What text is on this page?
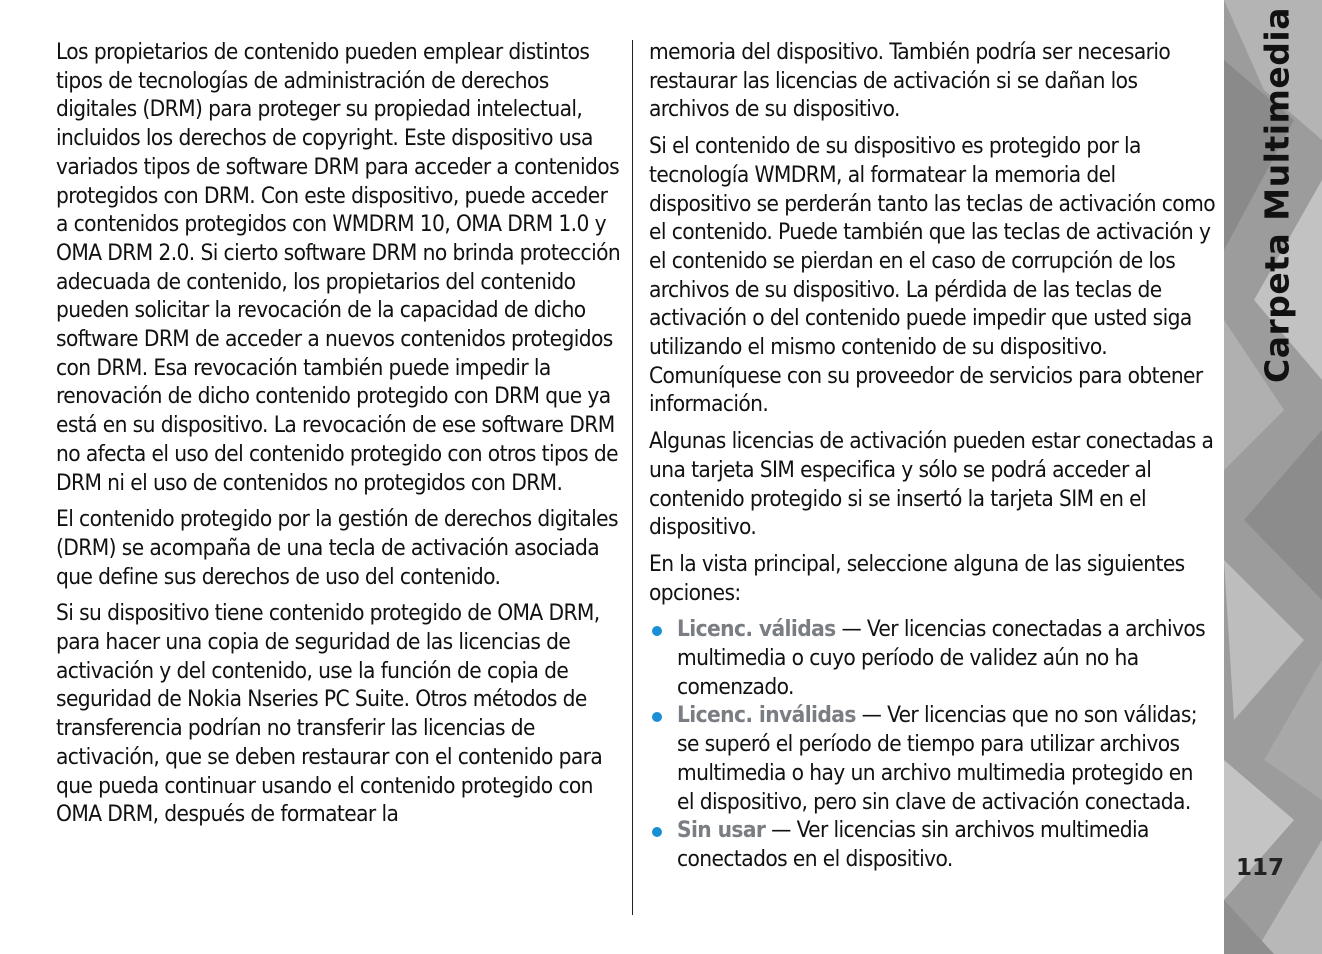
Los propietarios de contenido pueden emplear distintos tipos de tecnologías de administración de derechos digitales (DRM) para proteger su propiedad intelectual, incluidos los derechos de copyright. Este dispositivo usa variados tipos de software DRM para acceder a contenidos protegidos con DRM. Con este dispositivo, puede acceder a contenidos protegidos con WMDRM 10, OMA DRM 1.0 y OMA DRM 2.0. Si cierto software DRM no brinda protección adecuada de contenido, los propietarios del contenido pueden solicitar la revocación de la capacidad de dicho software DRM de acceder a nuevos contenidos protegidos con DRM. Esa revocación también puede impedir la renovación de dicho contenido protegido con DRM que ya está en su dispositivo. La revocación de ese software DRM no afecta el uso del contenido protegido con otros tipos de DRM ni el uso de contenidos no protegidos con DRM.

El contenido protegido por la gestión de derechos digitales (DRM) se acompaña de una tecla de activación asociada que define sus derechos de uso del contenido.

Si su dispositivo tiene contenido protegido de OMA DRM, para hacer una copia de seguridad de las licencias de activación y del contenido, use la función de copia de seguridad de Nokia Nseries PC Suite. Otros métodos de transferencia podrían no transferir las licencias de activación, que se deben restaurar con el contenido para que pueda continuar usando el contenido protegido con OMA DRM, después de formatear la

memoria del dispositivo. También podría ser necesario restaurar las licencias de activación si se dañan los archivos de su dispositivo.

Si el contenido de su dispositivo es protegido por la tecnología WMDRM, al formatear la memoria del dispositivo se perderán tanto las teclas de activación como el contenido. Puede también que las teclas de activación y el contenido se pierdan en el caso de corrupción de los archivos de su dispositivo. La pérdida de las teclas de activación o del contenido puede impedir que usted siga utilizando el mismo contenido de su dispositivo. Comuníquese con su proveedor de servicios para obtener información.

Algunas licencias de activación pueden estar conectadas a una tarjeta SIM especifica y sólo se podrá acceder al contenido protegido si se insertó la tarjeta SIM en el dispositivo.

En la vista principal, seleccione alguna de las siguientes opciones:

Licenc. válidas — Ver licencias conectadas a archivos multimedia o cuyo período de validez aún no ha comenzado.
Licenc. inválidas — Ver licencias que no son válidas; se superó el período de tiempo para utilizar archivos multimedia o hay un archivo multimedia protegido en el dispositivo, pero sin clave de activación conectada.
Sin usar — Ver licencias sin archivos multimedia conectados en el dispositivo.
Carpeta Multimedia
117
